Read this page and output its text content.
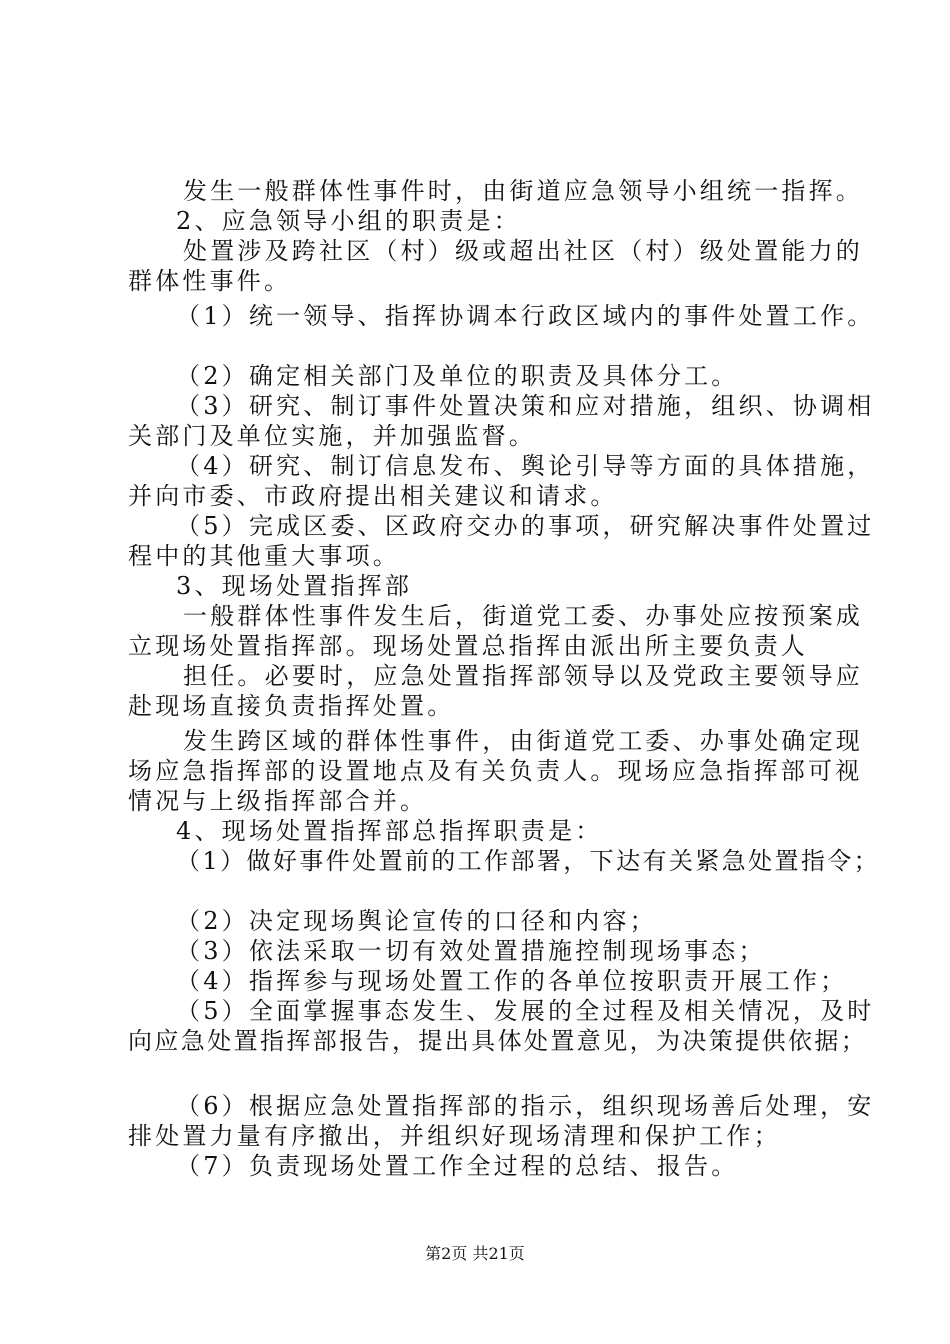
发生一般群体性事件时，由街道应急领导小组统一指挥。
2、应急领导小组的职责是：
处置涉及跨社区（村）级或超出社区（村）级处置能力的
群体性事件。
（1）统一领导、指挥协调本行政区域内的事件处置工作。
（2）确定相关部门及单位的职责及具体分工。
（3）研究、制订事件处置决策和应对措施，组织、协调相
关部门及单位实施，并加强监督。
（4）研究、制订信息发布、舆论引导等方面的具体措施，
并向市委、市政府提出相关建议和请求。
（5）完成区委、区政府交办的事项，研究解决事件处置过
程中的其他重大事项。
3、现场处置指挥部
一般群体性事件发生后，街道党工委、办事处应按预案成
立现场处置指挥部。现场处置总指挥由派出所主要负责人
担任。必要时，应急处置指挥部领导以及党政主要领导应
赴现场直接负责指挥处置。
发生跨区域的群体性事件，由街道党工委、办事处确定现
场应急指挥部的设置地点及有关负责人。现场应急指挥部可视
情况与上级指挥部合并。
4、现场处置指挥部总指挥职责是：
（1）做好事件处置前的工作部署，下达有关紧急处置指令；
（2）决定现场舆论宣传的口径和内容；
（3）依法采取一切有效处置措施控制现场事态；
（4）指挥参与现场处置工作的各单位按职责开展工作；
（5）全面掌握事态发生、发展的全过程及相关情况，及时
向应急处置指挥部报告，提出具体处置意见，为决策提供依据；
（6）根据应急处置指挥部的指示，组织现场善后处理，安
排处置力量有序撤出，并组织好现场清理和保护工作；
（7）负责现场处置工作全过程的总结、报告。
第2页 共21页
